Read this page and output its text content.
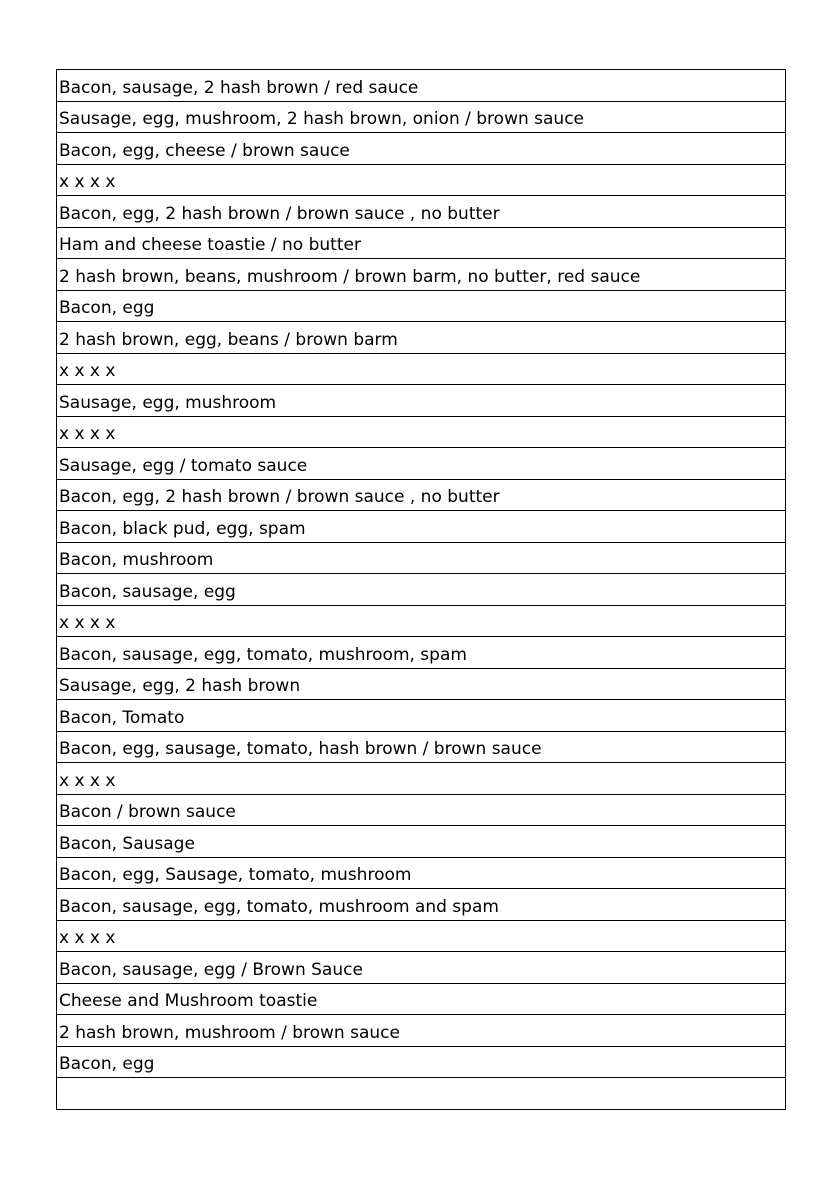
Bacon, sausage, 2 hash brown / red sauce
Sausage, egg, mushroom, 2 hash brown, onion / brown sauce
Bacon, egg, cheese / brown sauce
x x x x
Bacon, egg, 2 hash brown / brown sauce , no butter
Ham and cheese toastie / no butter
2 hash brown, beans, mushroom / brown barm, no butter, red sauce
Bacon, egg
2 hash brown, egg, beans / brown barm
x x x x
Sausage, egg, mushroom
x x x x
Sausage, egg / tomato sauce
Bacon, egg, 2 hash brown / brown sauce , no butter
Bacon, black pud, egg, spam
Bacon, mushroom
Bacon, sausage, egg
x x x x
Bacon, sausage, egg, tomato, mushroom, spam
Sausage, egg, 2 hash brown
Bacon, Tomato
Bacon, egg, sausage, tomato, hash brown / brown sauce
x x x x
Bacon / brown sauce
Bacon, Sausage
Bacon, egg, Sausage, tomato, mushroom
Bacon, sausage, egg, tomato, mushroom and spam
x x x x
Bacon, sausage, egg / Brown Sauce
Cheese and Mushroom toastie
2 hash brown, mushroom / brown sauce
Bacon, egg
